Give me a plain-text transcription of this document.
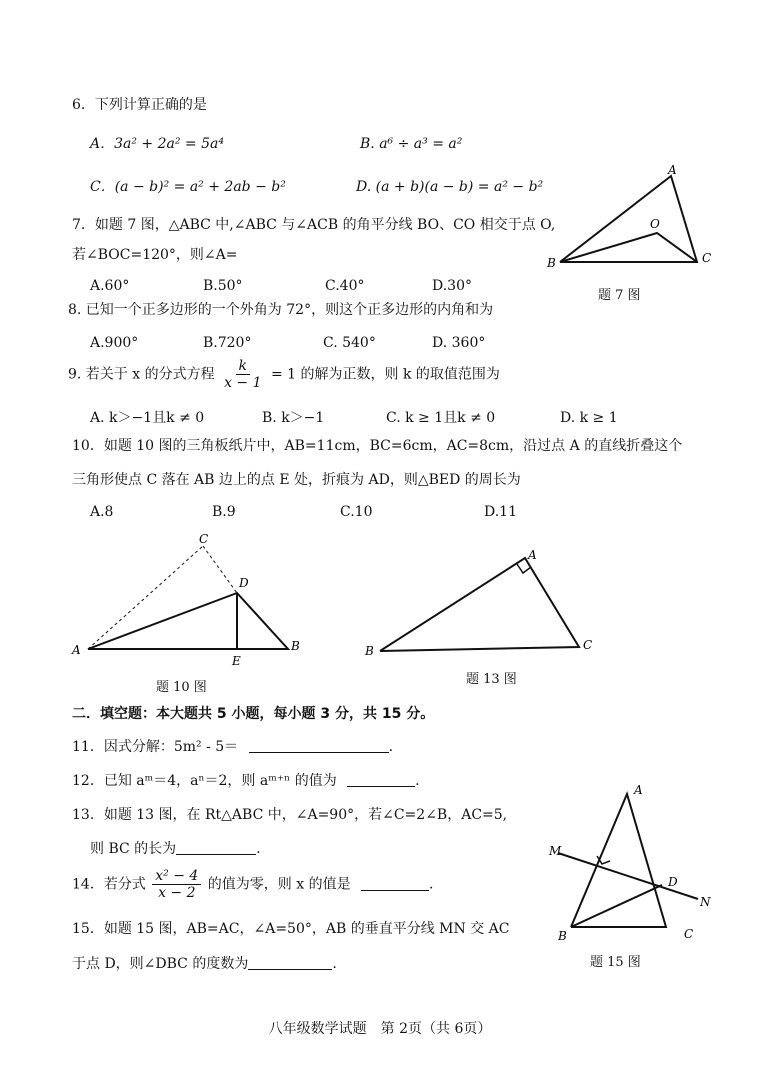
6．下列计算正确的是
A．3a² + 2a² = 5a⁴	B. a⁶ ÷ a³ = a²
C．(a − b)² = a² + 2ab − b²	D. (a + b)(a − b) = a² − b²
7．如题 7 图，△ABC 中,∠ABC 与∠ACB 的角平分线 BO、CO 相交于点 O,
若∠BOC=120°，则∠A=
A.60°	B.50°	C.40°	D.30°
A
O
B	C
题 7 图
8. 已知一个正多边形的一个外角为 72°，则这个正多边形的内角和为
A.900°	B.720°	C. 540°	D. 360°
9. 若关于 x 的分式方程 $\frac{k}{x - 1} = 1$ 的解为正数，则 k 的取值范围为
A. k＞−1且k ≠ 0	B. k＞−1	C. k ≥ 1且k ≠ 0	D. k ≥ 1
10．如题 10 图的三角板纸片中，AB=11cm，BC=6cm，AC=8cm，沿过点 A 的直线折叠这个
三角形使点 C 落在 AB 边上的点 E 处，折痕为 AD，则△BED 的周长为
A.8	B.9	C.10	D.11
C
D
A
E
B
题 10 图
A
B	C
题 13 图
二．填空题：本大题共 5 小题，每小题 3 分，共 15 分。
11．因式分解：5m² - 5＝	.
12．已知 aᵐ＝4，aⁿ＝2，则 aᵐ⁺ⁿ 的值为	.
13．如题 13 图，在 Rt△ABC 中，∠A=90°，若∠C=2∠B，AC=5,
则 BC 的长为	.
14．若分式 $\frac{\text{x² − 4}}{x - 2}$ 的值为零，则 x 的值是	.
15．如题 15 图，AB=AC，∠A=50°，AB 的垂直平分线 MN 交 AC
于点 D，则∠DBC 的度数为	.
A
M
D
N
B	C
题 15 图
八年级数学试题　第 2页（共 6页）
